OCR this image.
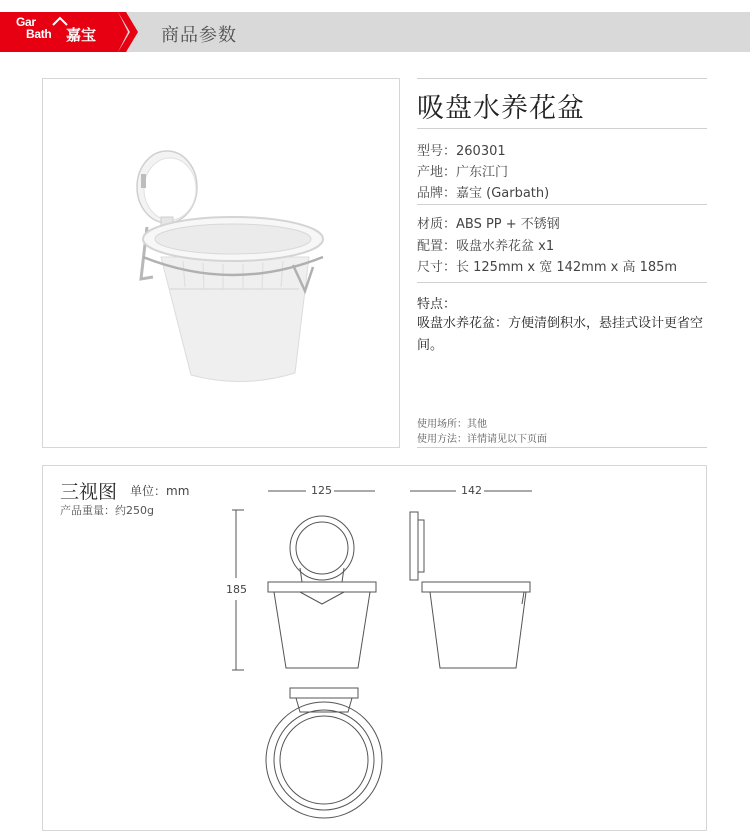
Gar
Bath 嘉宝	商品参数
吸盘水养花盆
型号：260301
产地：广东江门
品牌：嘉宝 (Garbath)
材质：ABS PP + 不锈钢
配置：吸盘水养花盆 x1
尺寸：长 125mm x 宽 142mm x 高 185m
特点：
吸盘水养花盆：方便清倒积水，悬挂式设计更省空间。
使用场所：其他
使用方法：详情请见以下页面
三视图 单位：mm
产品重量：约250g
125	142
185
